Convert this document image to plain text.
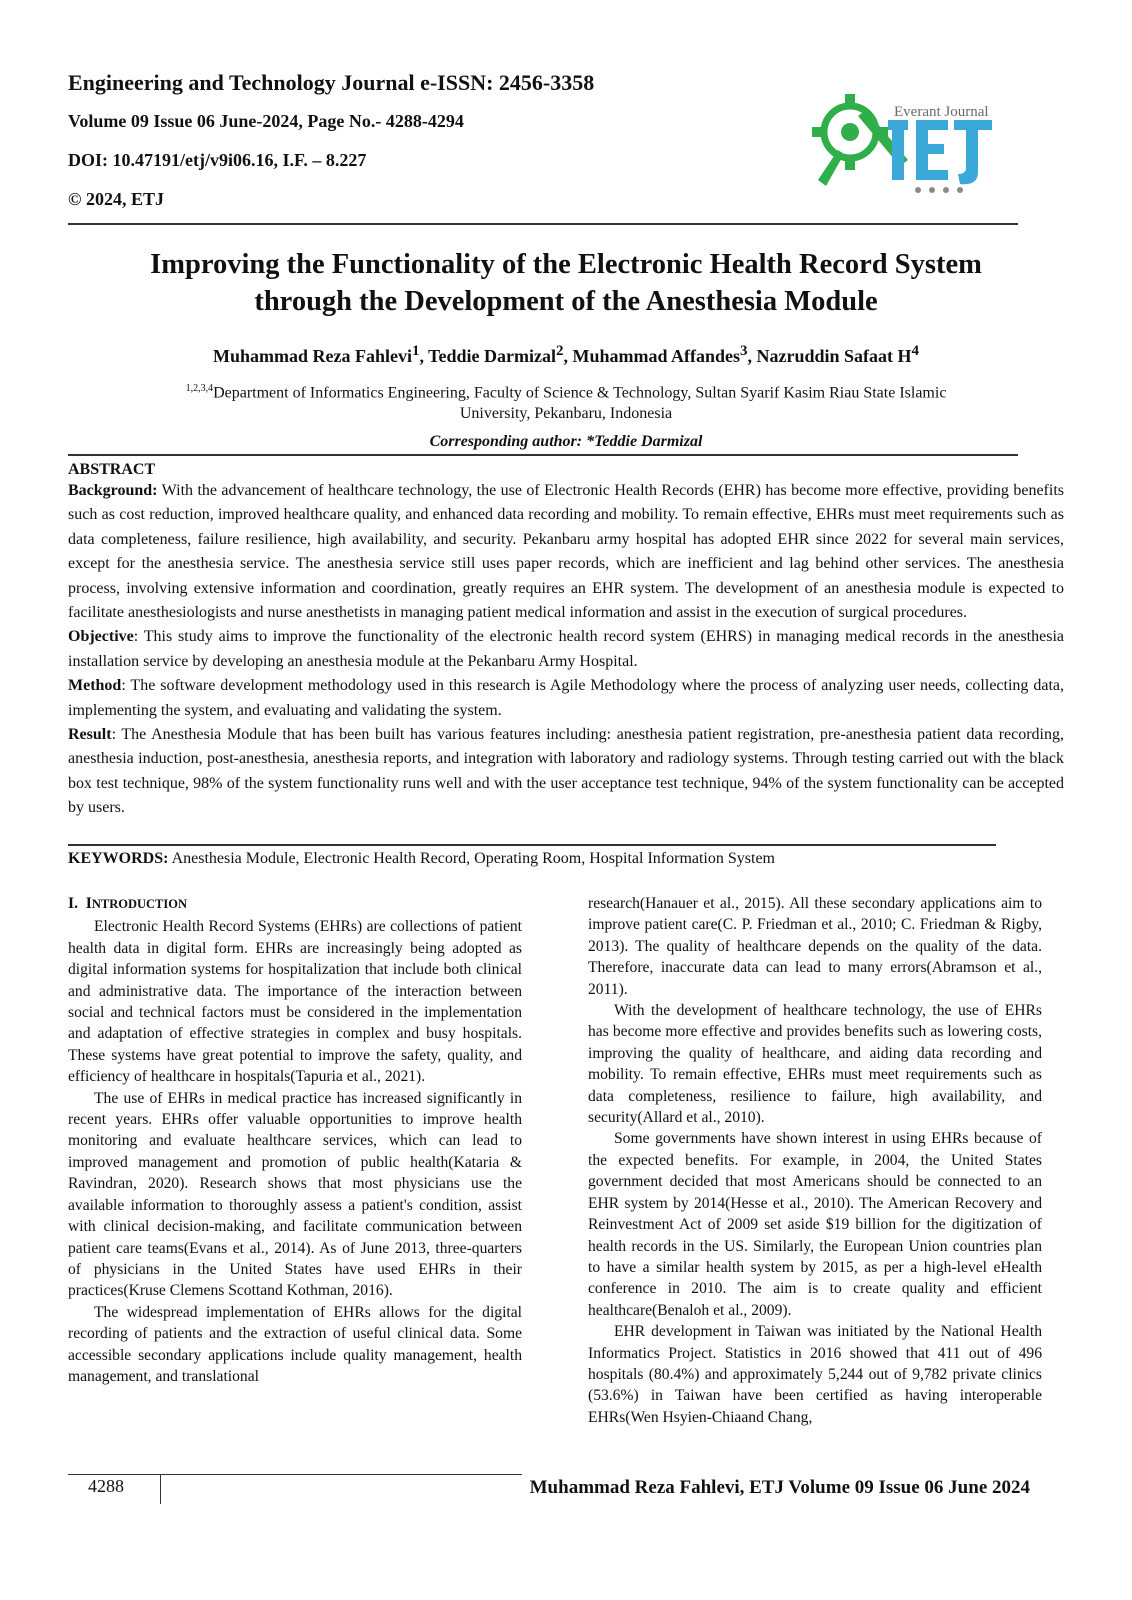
Engineering and Technology Journal e-ISSN: 2456-3358
Volume 09 Issue 06 June-2024, Page No.- 4288-4294
DOI: 10.47191/etj/v9i06.16, I.F. – 8.227
© 2024, ETJ
Everant Journal
Improving the Functionality of the Electronic Health Record System
through the Development of the Anesthesia Module
Muhammad Reza Fahlevi$^1$, Teddie Darmizal$^2$, Muhammad Affandes$^3$, Nazruddin Safaat $H^4$
$^{1,2,3,4}$Department of Informatics Engineering, Faculty of Science & Technology, Sultan Syarif Kasim Riau State Islamic
University, Pekanbaru, Indonesia
Corresponding author: *Teddie Darmizal

ABSTRACT

Background: With the advancement of healthcare technology, the use of Electronic Health Records (EHR) has become more effective, providing benefits such as cost reduction, improved healthcare quality, and enhanced data recording and mobility. To remain effective, EHRs must meet requirements such as data completeness, failure resilience, high availability, and security. Pekanbaru army hospital has adopted EHR since 2022 for several main services, except for the anesthesia service. The anesthesia service still uses paper records, which are inefficient and lag behind other services. The anesthesia process, involving extensive information and coordination, greatly requires an EHR system. The development of an anesthesia module is expected to facilitate anesthesiologists and nurse anesthetists in managing patient medical information and assist in the execution of surgical procedures.

Objective: This study aims to improve the functionality of the electronic health record system (EHRS) in managing medical records in the anesthesia installation service by developing an anesthesia module at the Pekanbaru Army Hospital.

Method: The software development methodology used in this research is Agile Methodology where the process of analyzing user needs, collecting data, implementing the system, and evaluating and validating the system.

Result: The Anesthesia Module that has been built has various features including: anesthesia patient registration, pre-anesthesia patient data recording, anesthesia induction, post-anesthesia, anesthesia reports, and integration with laboratory and radiology systems. Through testing carried out with the black box test technique, 98% of the system functionality runs well and with the user acceptance test technique, 94% of the system functionality can be accepted by users.

KEYWORDS: Anesthesia Module, Electronic Health Record, Operating Room, Hospital Information System
I. INTRODUCTION

Electronic Health Record Systems (EHRs) are collections of patient health data in digital form. EHRs are increasingly being adopted as digital information systems for hospitalization that include both clinical and administrative data. The importance of the interaction between social and technical factors must be considered in the implementation and adaptation of effective strategies in complex and busy hospitals. These systems have great potential to improve the safety, quality, and efficiency of healthcare in hospitals(Tapuria et al., 2021).

The use of EHRs in medical practice has increased significantly in recent years. EHRs offer valuable opportunities to improve health monitoring and evaluate healthcare services, which can lead to improved management and promotion of public health(Kataria & Ravindran, 2020). Research shows that most physicians use the available information to thoroughly assess a patient's condition, assist with clinical decision-making, and facilitate communication between patient care teams(Evans et al., 2014). As of June 2013, three-quarters of physicians in the United States have used EHRs in their practices(Kruse Clemens Scottand Kothman, 2016).

The widespread implementation of EHRs allows for the digital recording of patients and the extraction of useful clinical data. Some accessible secondary applications include quality management, health management, and translational

research(Hanauer et al., 2015). All these secondary applications aim to improve patient care(C. P. Friedman et al., 2010; C. Friedman & Rigby, 2013). The quality of healthcare depends on the quality of the data. Therefore, inaccurate data can lead to many errors(Abramson et al., 2011).

With the development of healthcare technology, the use of EHRs has become more effective and provides benefits such as lowering costs, improving the quality of healthcare, and aiding data recording and mobility. To remain effective, EHRs must meet requirements such as data completeness, resilience to failure, high availability, and security(Allard et al., 2010).

Some governments have shown interest in using EHRs because of the expected benefits. For example, in 2004, the United States government decided that most Americans should be connected to an EHR system by 2014(Hesse et al., 2010). The American Recovery and Reinvestment Act of 2009 set aside $19 billion for the digitization of health records in the US. Similarly, the European Union countries plan to have a similar health system by 2015, as per a high-level eHealth conference in 2010. The aim is to create quality and efficient healthcare(Benaloh et al., 2009).

EHR development in Taiwan was initiated by the National Health Informatics Project. Statistics in 2016 showed that 411 out of 496 hospitals (80.4%) and approximately 5,244 out of 9,782 private clinics (53.6%) in Taiwan have been certified as having interoperable EHRs(Wen Hsyien-Chiaand Chang,

4288	Muhammad Reza Fahlevi, ETJ Volume 09 Issue 06 June 2024
